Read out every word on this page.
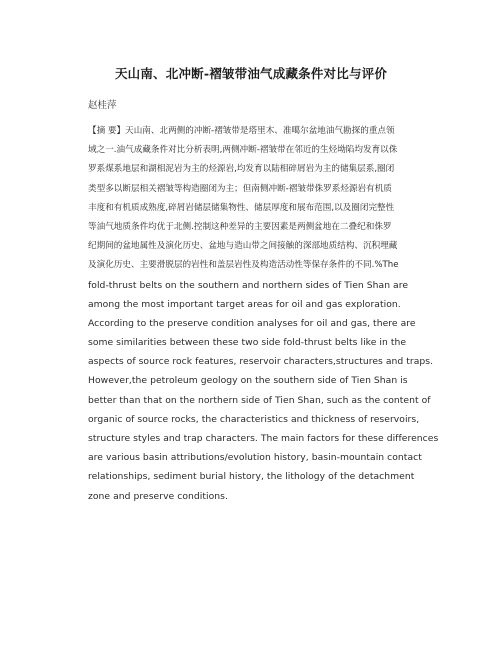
天山南、北冲断-褶皱带油气成藏条件对比与评价
赵桂萍
【摘 要】天山南、北两侧的冲断-褶皱带是塔里木、准噶尔盆地油气勘探的重点领
域之一.油气成藏条件对比分析表明,两侧冲断-褶皱带在邻近的生烃坳陷均发育以侏
罗系煤系地层和湖相泥岩为主的烃源岩,均发育以陆相碎屑岩为主的储集层系,圈闭
类型多以断层相关褶皱等构造圈闭为主；但南侧冲断-褶皱带侏罗系烃源岩有机质
丰度和有机质成熟度,碎屑岩储层储集物性、储层厚度和展布范围,以及圈闭完整性
等油气地质条件均优于北侧.控制这种差异的主要因素是两侧盆地在二叠纪和侏罗
纪期间的盆地属性及演化历史、盆地与造山带之间接触的深部地质结构、沉积埋藏
及演化历史、主要滑脱层的岩性和盖层岩性及构造活动性等保存条件的不同.%The
fold-thrust belts on the southern and northern sides of Tien Shan are
among the most important target areas for oil and gas exploration.
According to the preserve condition analyses for oil and gas, there are
some similarities between these two side fold-thrust belts like in the
aspects of source rock features, reservoir characters,structures and traps.
However,the petroleum geology on the southern side of Tien Shan is
better than that on the northern side of Tien Shan, such as the content of
organic of source rocks, the characteristics and thickness of reservoirs,
structure styles and trap characters. The main factors for these differences
are various basin attributions/evolution history, basin-mountain contact
relationships, sediment burial history, the lithology of the detachment
zone and preserve conditions.
